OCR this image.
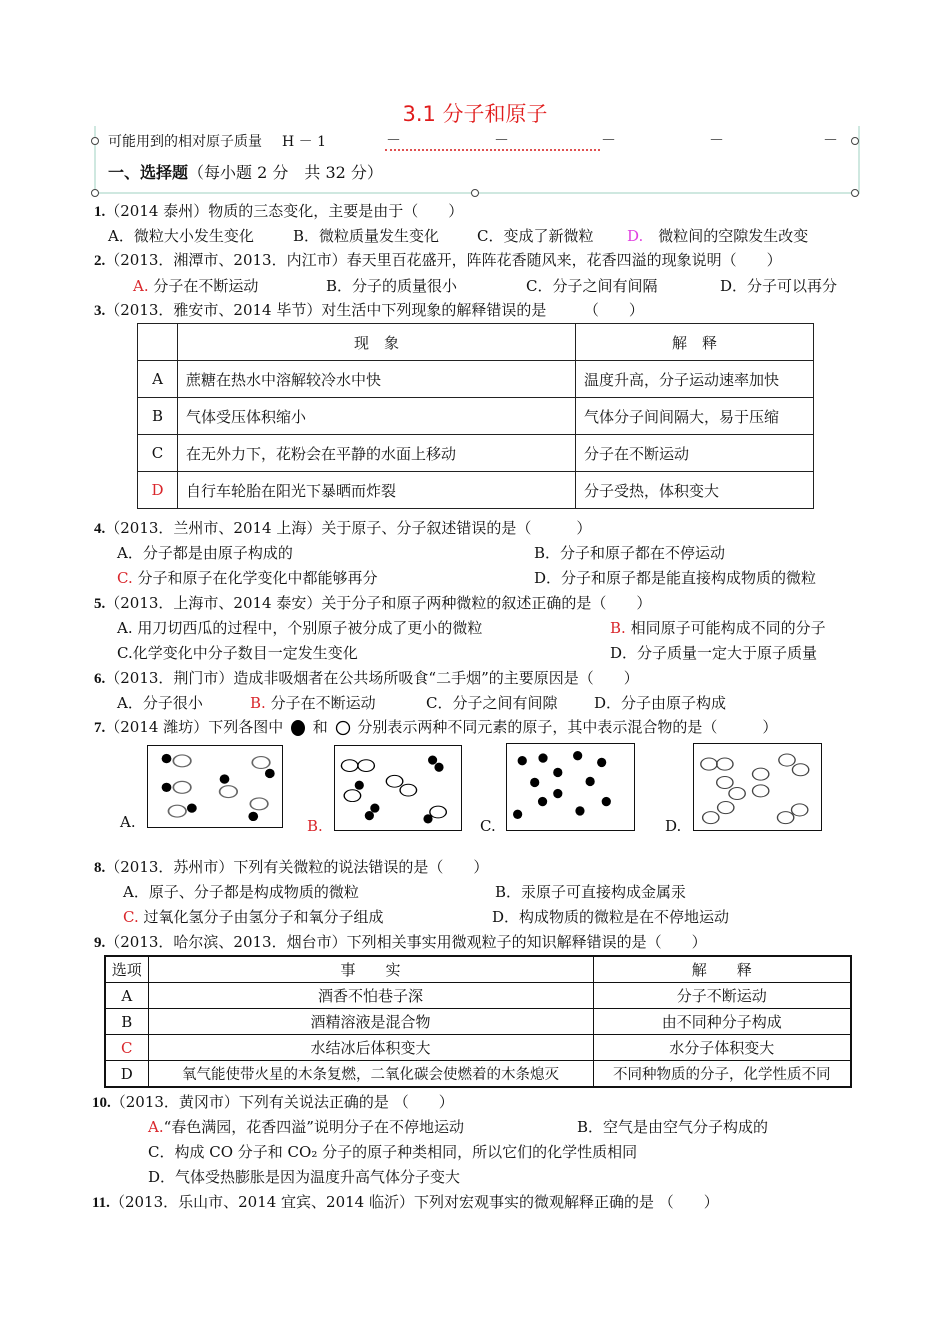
3.1 分子和原子
可能用到的相对原子质量 H － 1	－	－	－	－	－
一、选择题（每小题 2 分　共 32 分）
1.（2014 泰州）物质的三态变化，主要是由于（　　）
A．微粒大小发生变化	B．微粒质量发生变化	C．变成了新微粒 D.　 微粒间的空隙发生改变
2.（2013．湘潭市、2013．内江市）春天里百花盛开，阵阵花香随风来，花香四溢的现象说明（　　）
A. 分子在不断运动	B．分子的质量很小	C．分子之间有间隔	D．分子可以再分
3.（2013．雅安市、2014 毕节）对生活中下列现象的解释错误的是　　　（　　）
	现　象	解　释
A	蔗糖在热水中溶解较冷水中快	温度升高，分子运动速率加快
B	气体受压体积缩小	气体分子间间隔大，易于压缩
C	在无外力下，花粉会在平静的水面上移动	分子在不断运动
D	自行车轮胎在阳光下暴晒而炸裂	分子受热，体积变大
4.（2013．兰州市、2014 上海）关于原子、分子叙述错误的是（　　　）
A．分子都是由原子构成的	B．分子和原子都在不停运动
C. 分子和原子在化学变化中都能够再分	D．分子和原子都是能直接构成物质的微粒
5.（2013．上海市、2014 泰安）关于分子和原子两种微粒的叙述正确的是（　　）
A. 用刀切西瓜的过程中，个别原子被分成了更小的微粒	B. 相同原子可能构成不同的分子
C.化学变化中分子数目一定发生变化	D．分子质量一定大于原子质量
6.（2013．荆门市）造成非吸烟者在公共场所吸食“二手烟”的主要原因是（　　）
A．分子很小	B. 分子在不断运动	C．分子之间有间隙 D．分子由原子构成
7.（2014 潍坊）下列各图中 和 分别表示两种不同元素的原子，其中表示混合物的是（　　　）
A.	B.	C.	D.
8.（2013．苏州市）下列有关微粒的说法错误的是（　　）
A．原子、分子都是构成物质的微粒	B．汞原子可直接构成金属汞
C. 过氧化氢分子由氢分子和氧分子组成	D．构成物质的微粒是在不停地运动
9.（2013．哈尔滨、2013．烟台市）下列相关事实用微观粒子的知识解释错误的是（　　）
选项	事　　实	解　　释
A	酒香不怕巷子深	分子不断运动
B	酒精溶液是混合物	由不同种分子构成
C	水结冰后体积变大	水分子体积变大
D	氧气能使带火星的木条复燃，二氧化碳会使燃着的木条熄灭	不同种物质的分子，化学性质不同
10.（2013．黄冈市）下列有关说法正确的是 （　　）
A.“春色满园，花香四溢”说明分子在不停地运动	B．空气是由空气分子构成的
C．构成 CO 分子和 CO₂ 分子的原子种类相同，所以它们的化学性质相同
D．气体受热膨胀是因为温度升高气体分子变大
11.（2013．乐山市、2014 宜宾、2014 临沂）下列对宏观事实的微观解释正确的是 （　　）
